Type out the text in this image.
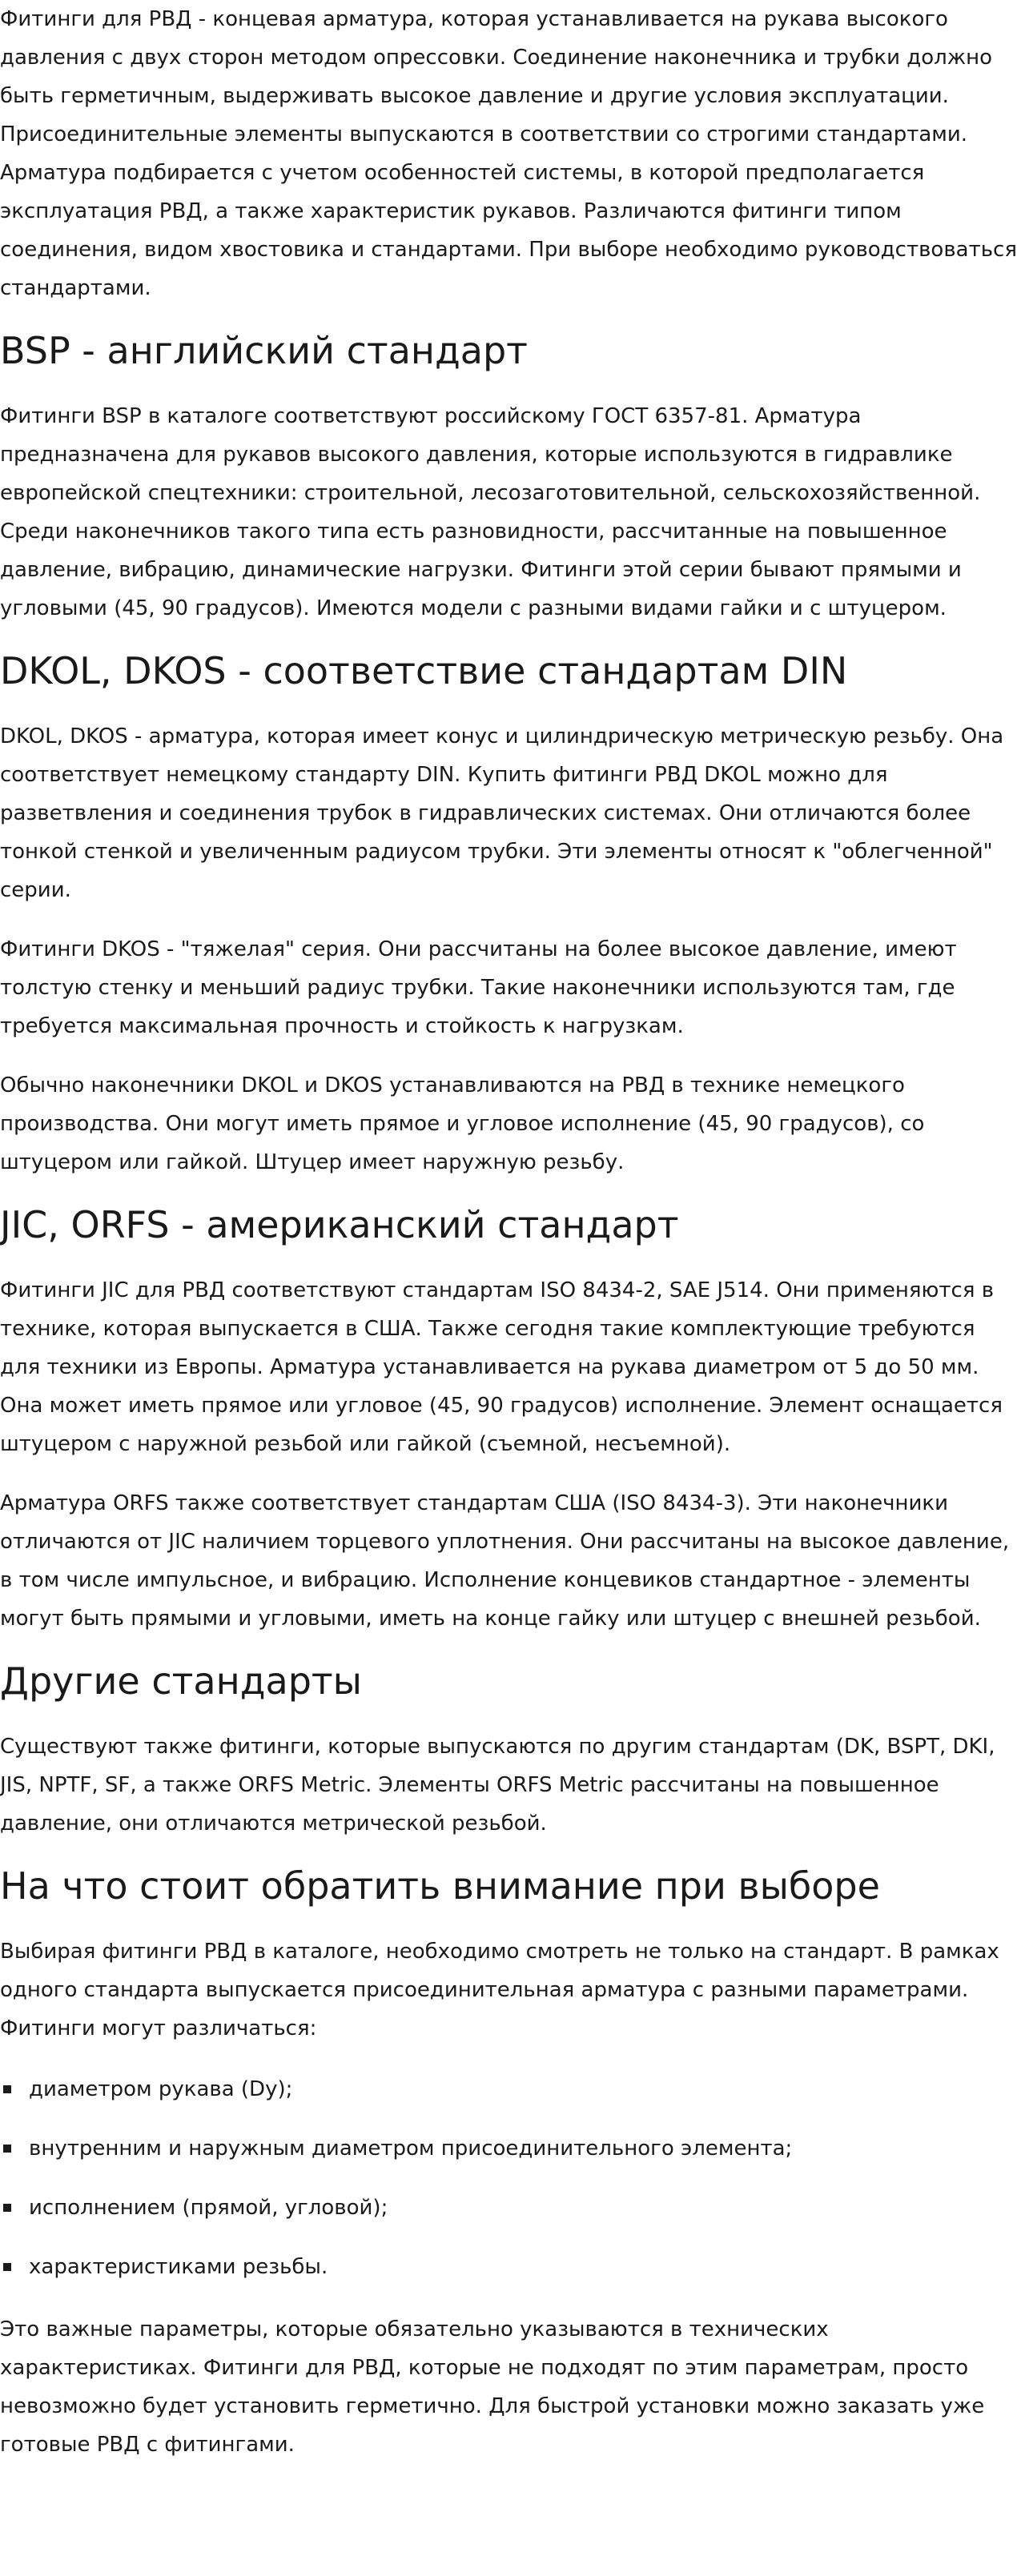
Фитинги для РВД - концевая арматура, которая устанавливается на рукава высокого давления с двух сторон методом опрессовки. Соединение наконечника и трубки должно быть герметичным, выдерживать высокое давление и другие условия эксплуатации. Присоединительные элементы выпускаются в соответствии со строгими стандартами. Арматура подбирается с учетом особенностей системы, в которой предполагается эксплуатация РВД, а также характеристик рукавов. Различаются фитинги типом соединения, видом хвостовика и стандартами. При выборе необходимо руководствоваться стандартами.

BSP - английский стандарт

Фитинги BSP в каталоге соответствуют российскому ГОСТ 6357-81. Арматура предназначена для рукавов высокого давления, которые используются в гидравлике европейской спецтехники: строительной, лесозаготовительной, сельскохозяйственной. Среди наконечников такого типа есть разновидности, рассчитанные на повышенное давление, вибрацию, динамические нагрузки. Фитинги этой серии бывают прямыми и угловыми (45, 90 градусов). Имеются модели с разными видами гайки и с штуцером.

DKOL, DKOS - соответствие стандартам DIN

DKOL, DKOS - арматура, которая имеет конус и цилиндрическую метрическую резьбу. Она соответствует немецкому стандарту DIN. Купить фитинги РВД DKOL можно для разветвления и соединения трубок в гидравлических системах. Они отличаются более тонкой стенкой и увеличенным радиусом трубки. Эти элементы относят к "облегченной" серии.

Фитинги DKOS - "тяжелая" серия. Они рассчитаны на более высокое давление, имеют толстую стенку и меньший радиус трубки. Такие наконечники используются там, где требуется максимальная прочность и стойкость к нагрузкам.

Обычно наконечники DKOL и DKOS устанавливаются на РВД в технике немецкого производства. Они могут иметь прямое и угловое исполнение (45, 90 градусов), со штуцером или гайкой. Штуцер имеет наружную резьбу.

JIC, ORFS - американский стандарт

Фитинги JIC для РВД соответствуют стандартам ISO 8434-2, SAE J514. Они применяются в технике, которая выпускается в США. Также сегодня такие комплектующие требуются для техники из Европы. Арматура устанавливается на рукава диаметром от 5 до 50 мм. Она может иметь прямое или угловое (45, 90 градусов) исполнение. Элемент оснащается штуцером с наружной резьбой или гайкой (съемной, несъемной).

Арматура ORFS также соответствует стандартам США (ISO 8434-3). Эти наконечники отличаются от JIC наличием торцевого уплотнения. Они рассчитаны на высокое давление, в том числе импульсное, и вибрацию. Исполнение концевиков стандартное - элементы могут быть прямыми и угловыми, иметь на конце гайку или штуцер с внешней резьбой.

Другие стандарты

Существуют также фитинги, которые выпускаются по другим стандартам (DK, BSPT, DKI, JIS, NPTF, SF, а также ORFS Metric. Элементы ORFS Metric рассчитаны на повышенное давление, они отличаются метрической резьбой.

На что стоит обратить внимание при выборе

Выбирая фитинги РВД в каталоге, необходимо смотреть не только на стандарт. В рамках одного стандарта выпускается присоединительная арматура с разными параметрами. Фитинги могут различаться:

диаметром рукава (Dy);
внутренним и наружным диаметром присоединительного элемента;
исполнением (прямой, угловой);
характеристиками резьбы.

Это важные параметры, которые обязательно указываются в технических характеристиках. Фитинги для РВД, которые не подходят по этим параметрам, просто невозможно будет установить герметично. Для быстрой установки можно заказать уже готовые РВД с фитингами.
